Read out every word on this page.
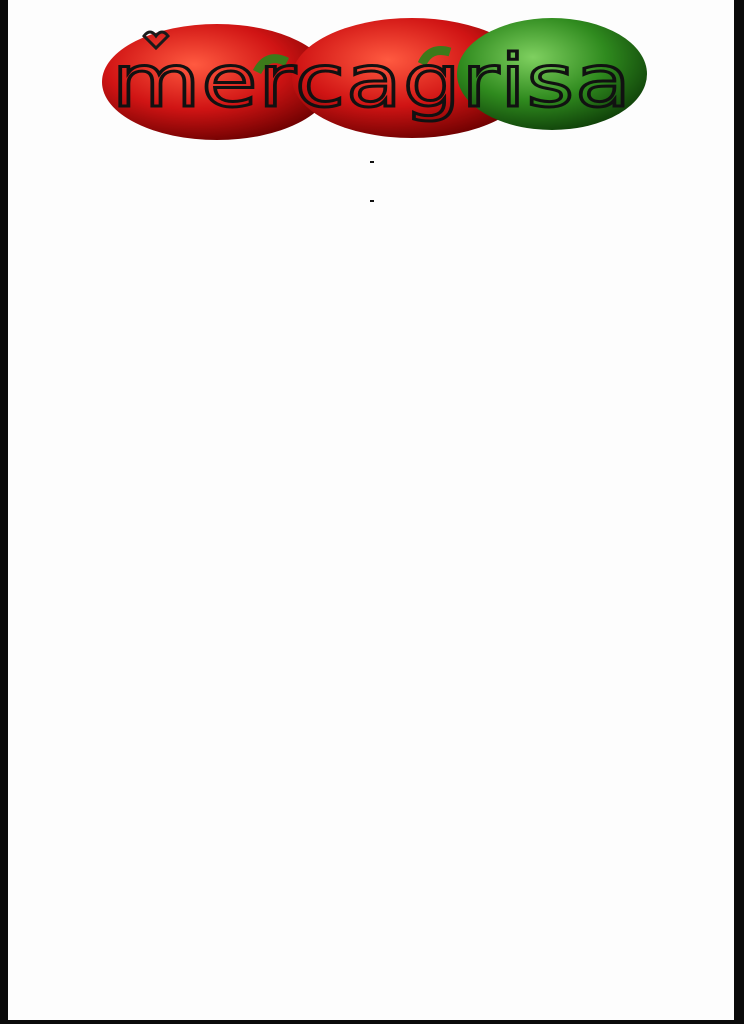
mercagrisa
